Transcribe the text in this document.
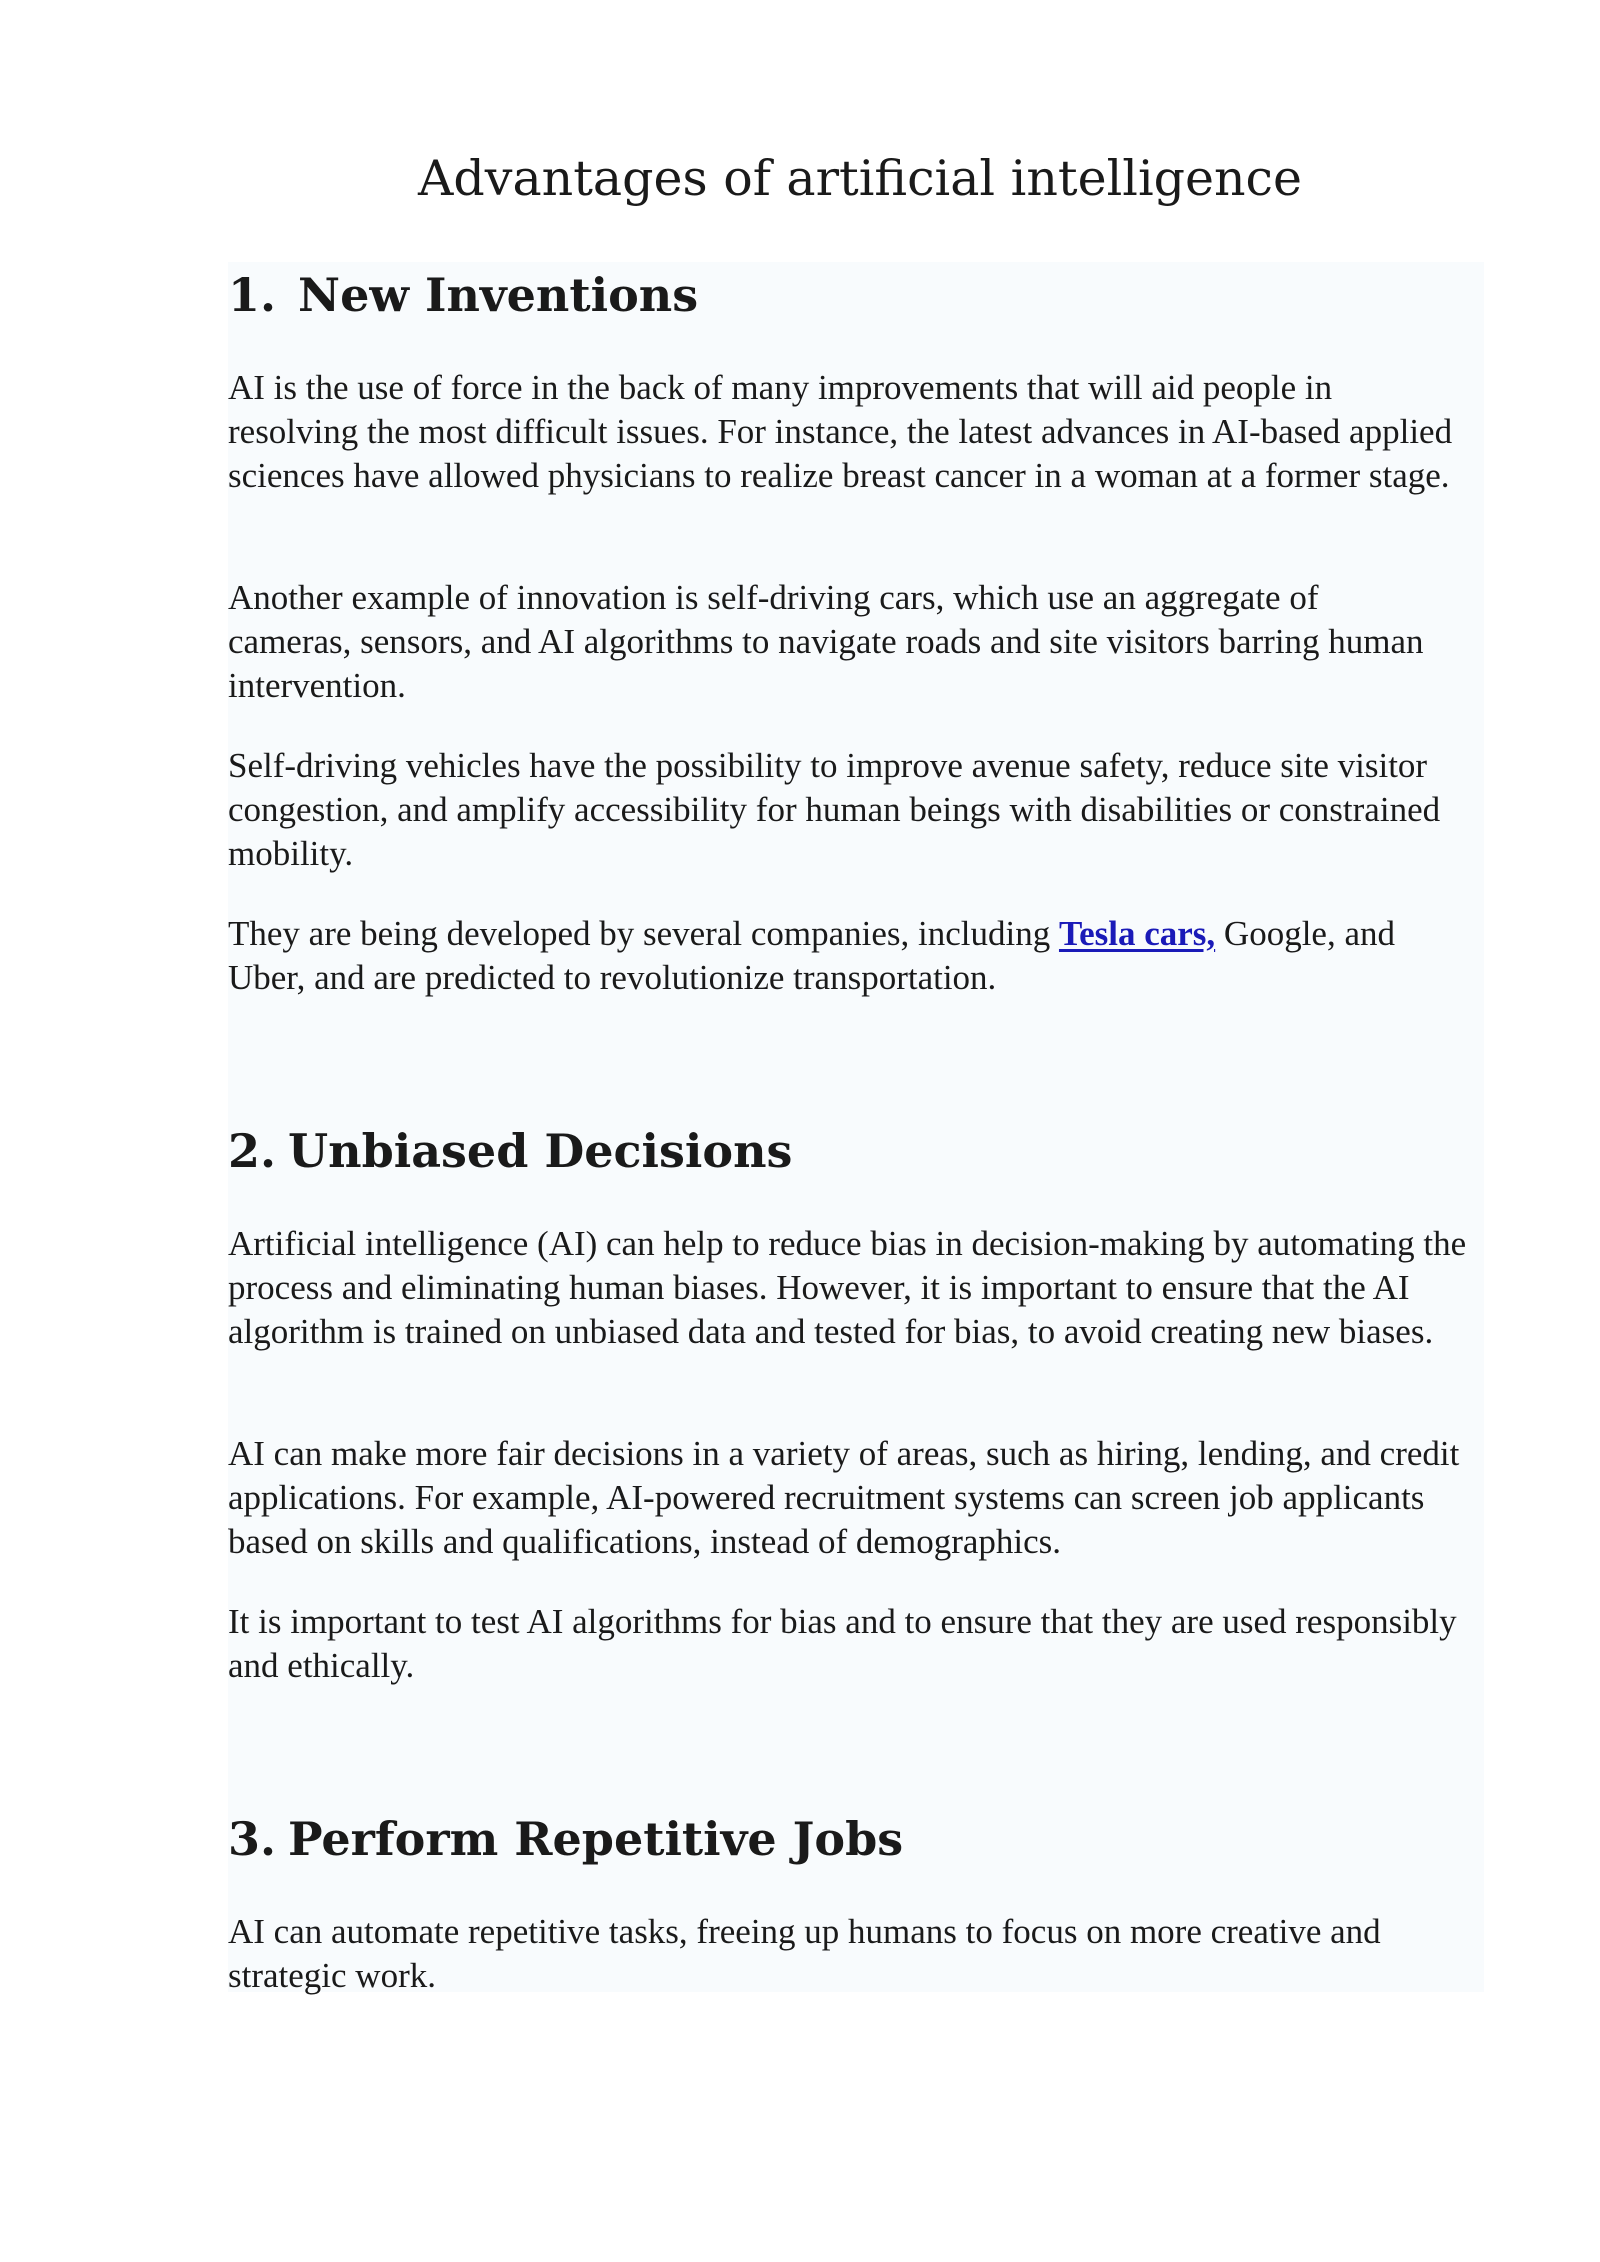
Advantages of artificial intelligence
1. New Inventions

AI is the use of force in the back of many improvements that will aid people in resolving the most difficult issues. For instance, the latest advances in AI-based applied sciences have allowed physicians to realize breast cancer in a woman at a former stage.

Another example of innovation is self-driving cars, which use an aggregate of cameras, sensors, and AI algorithms to navigate roads and site visitors barring human intervention.

Self-driving vehicles have the possibility to improve avenue safety, reduce site visitor congestion, and amplify accessibility for human beings with disabilities or constrained mobility.

They are being developed by several companies, including Tesla cars, Google, and Uber, and are predicted to revolutionize transportation.

2. Unbiased Decisions

Artificial intelligence (AI) can help to reduce bias in decision-making by automating the process and eliminating human biases. However, it is important to ensure that the AI algorithm is trained on unbiased data and tested for bias, to avoid creating new biases.

AI can make more fair decisions in a variety of areas, such as hiring, lending, and credit applications. For example, AI-powered recruitment systems can screen job applicants based on skills and qualifications, instead of demographics.

It is important to test AI algorithms for bias and to ensure that they are used responsibly and ethically.

3. Perform Repetitive Jobs

AI can automate repetitive tasks, freeing up humans to focus on more creative and strategic work.
